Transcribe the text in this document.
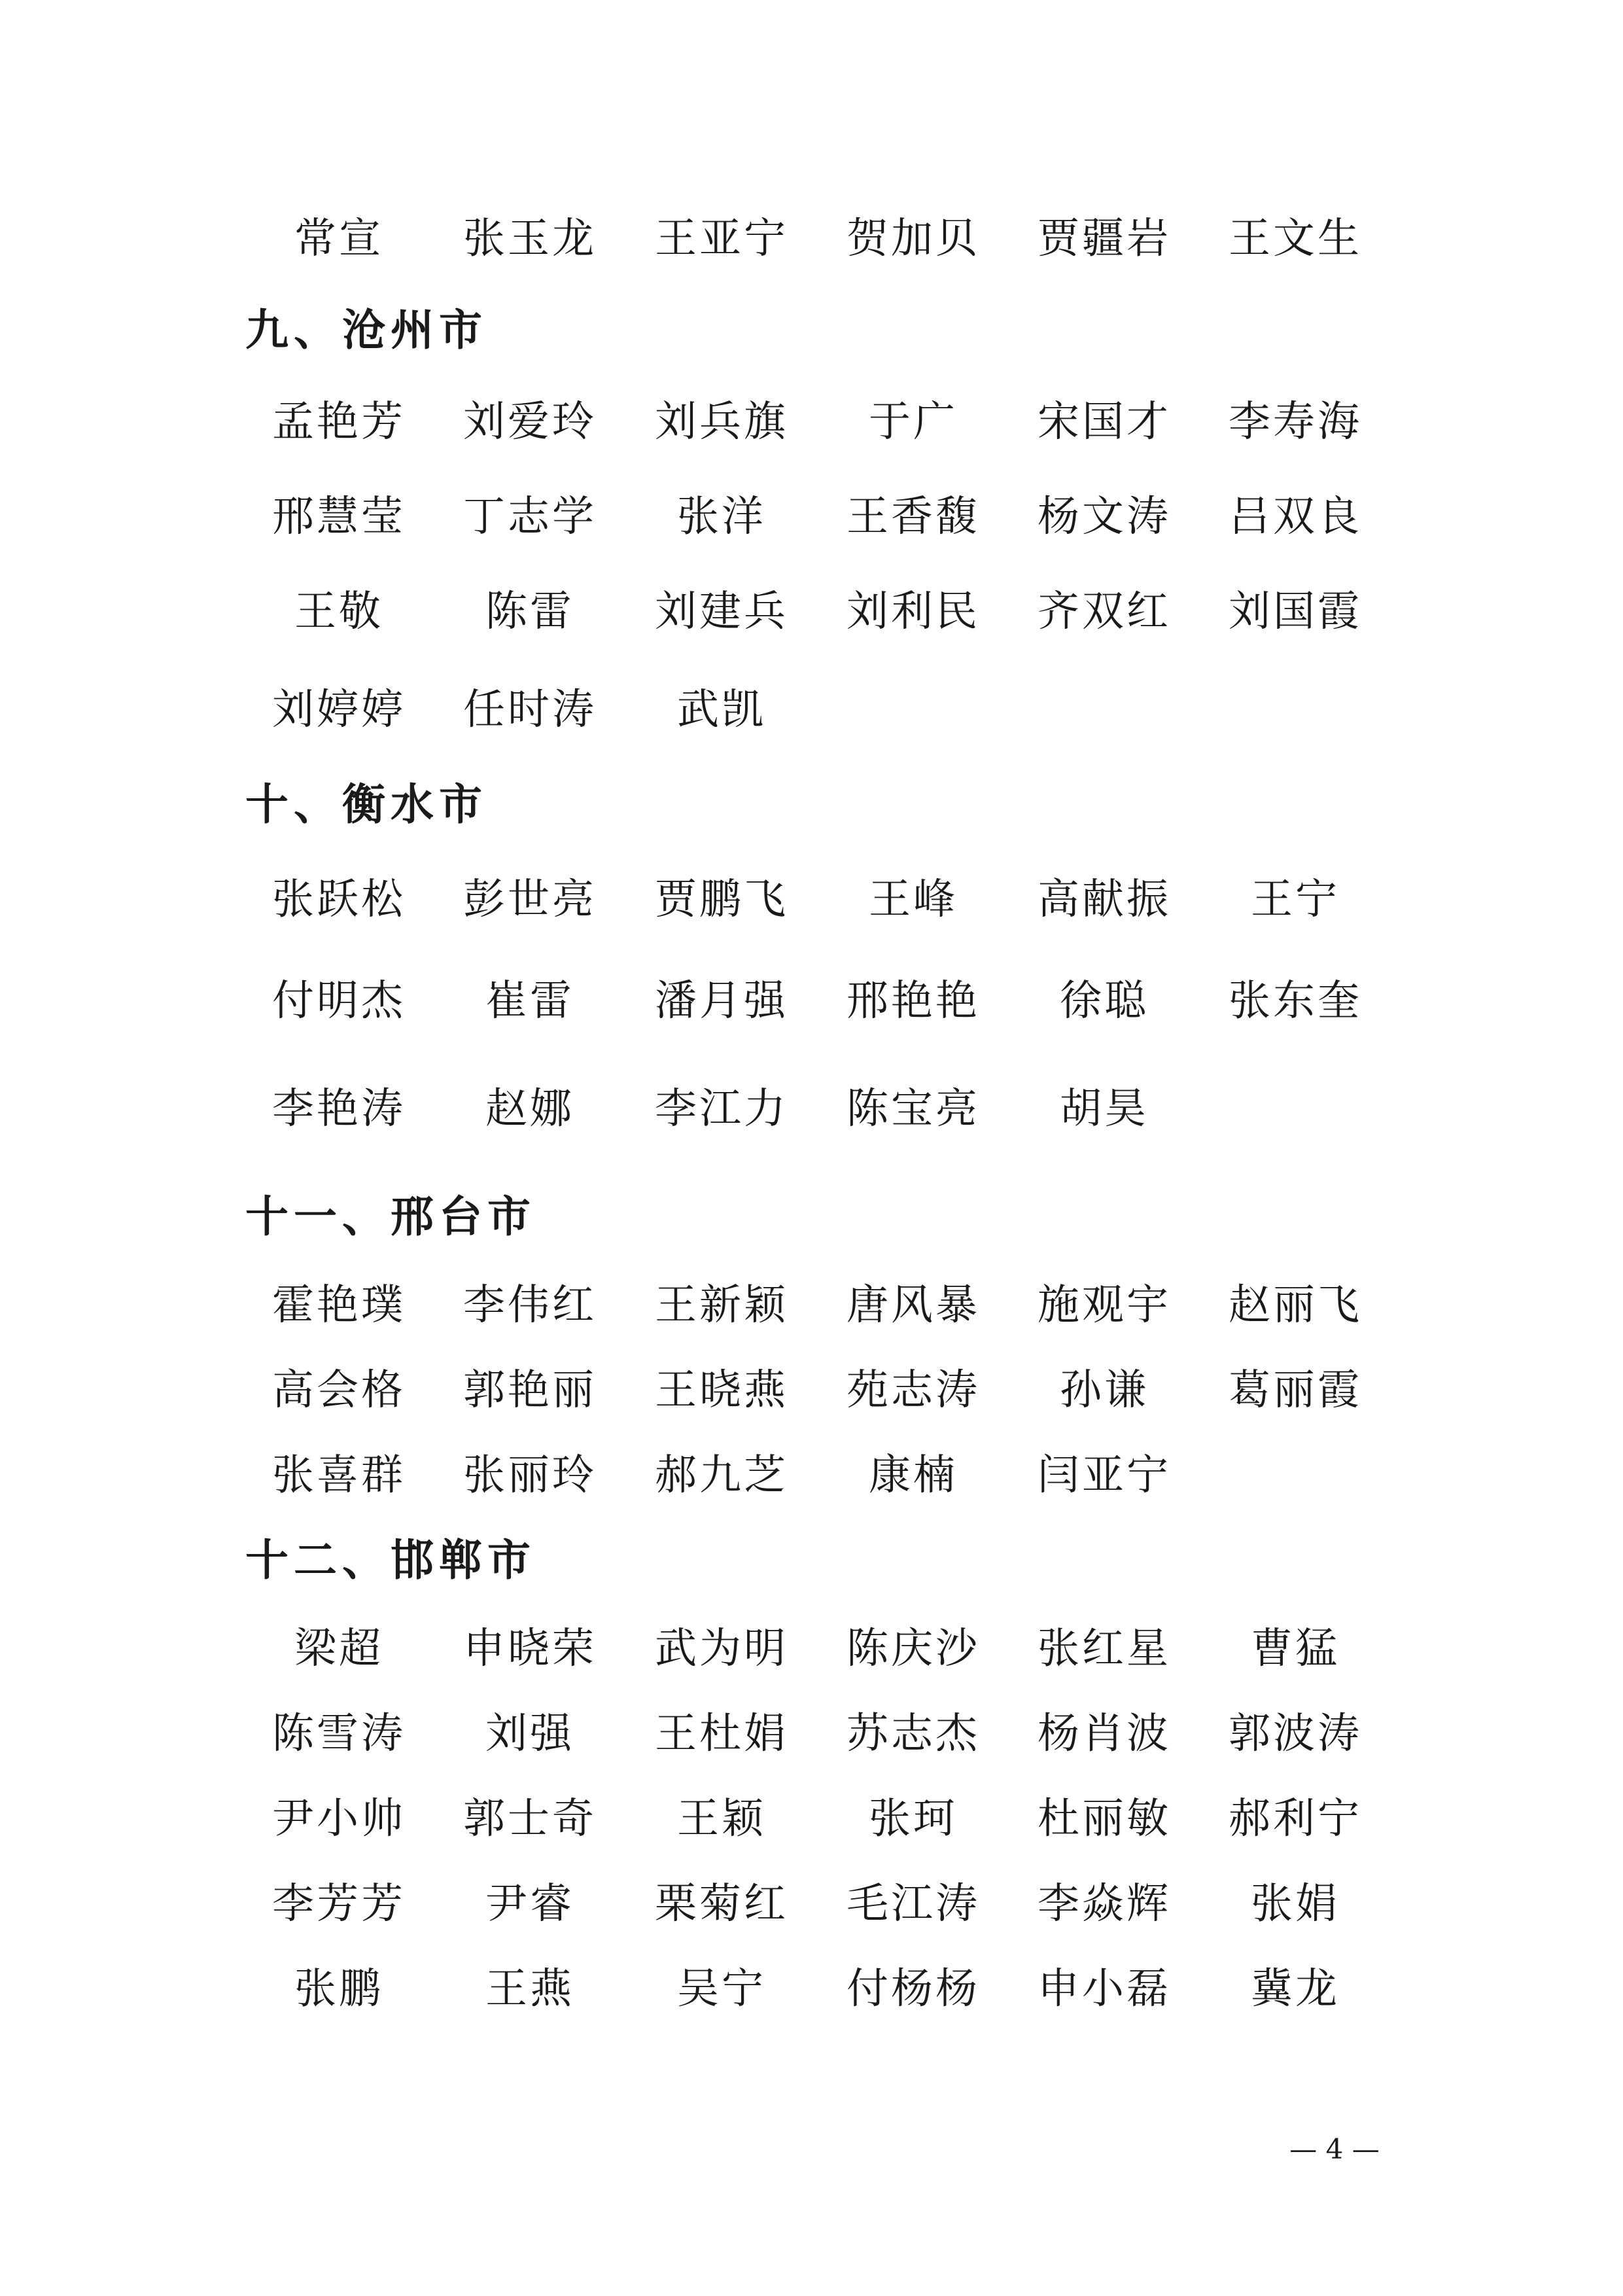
常宣	张玉龙	王亚宁	贺加贝	贾疆岩	王文生
九、沧州市
孟艳芳	刘爱玲	刘兵旗	于广	宋国才	李寿海
邢慧莹	丁志学	张洋	王香馥	杨文涛	吕双良
王敬	陈雷	刘建兵	刘利民	齐双红	刘国霞
刘婷婷	任时涛	武凯
十、衡水市
张跃松	彭世亮	贾鹏飞	王峰	高献振	王宁
付明杰	崔雷	潘月强	邢艳艳	徐聪	张东奎
李艳涛	赵娜	李江力	陈宝亮	胡昊
十一、邢台市
霍艳璞	李伟红	王新颖	唐风暴	施观宇	赵丽飞
高会格	郭艳丽	王晓燕	苑志涛	孙谦	葛丽霞
张喜群	张丽玲	郝九芝	康楠	闫亚宁
十二、邯郸市
梁超	申晓荣	武为明	陈庆沙	张红星	曹猛
陈雪涛	刘强	王杜娟	苏志杰	杨肖波	郭波涛
尹小帅	郭士奇	王颖	张珂	杜丽敏	郝利宁
李芳芳	尹睿	栗菊红	毛江涛	李焱辉	张娟
张鹏	王燕	吴宁	付杨杨	申小磊	冀龙
— 4 —
